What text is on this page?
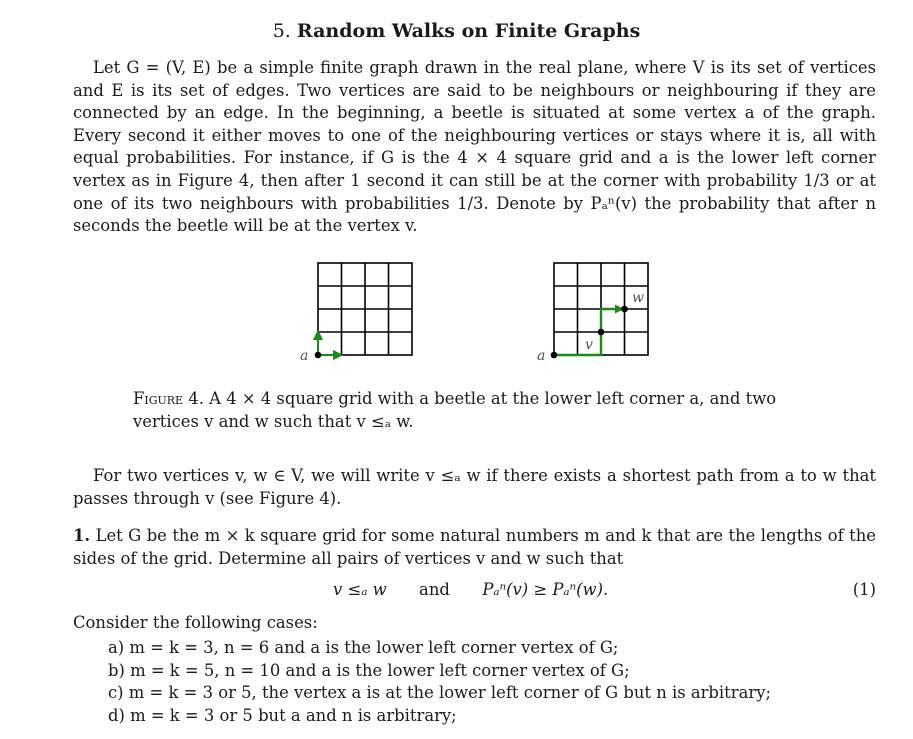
5. Random Walks on Finite Graphs
Let G = (V, E) be a simple finite graph drawn in the real plane, where V is its set of vertices and E is its set of edges. Two vertices are said to be neighbours or neighbouring if they are connected by an edge. In the beginning, a beetle is situated at some vertex a of the graph. Every second it either moves to one of the neighbouring vertices or stays where it is, all with equal probabilities. For instance, if G is the 4 × 4 square grid and a is the lower left corner vertex as in Figure 4, then after 1 second it can still be at the corner with probability 1/3 or at one of its two neighbours with probabilities 1/3. Denote by Pₐⁿ(v) the probability that after n seconds the beetle will be at the vertex v.
a	a
v
w
Figure 4. A 4 × 4 square grid with a beetle at the lower left corner a, and two
vertices v and w such that v ≤ₐ w.
For two vertices v, w ∈ V, we will write v ≤ₐ w if there exists a shortest path from a to w that passes through v (see Figure 4).
1. Let G be the m × k square grid for some natural numbers m and k that are the lengths of the sides of the grid. Determine all pairs of vertices v and w such that
v ≤ₐ w and Pₐⁿ(v) ≥ Pₐⁿ(w).	(1)
Consider the following cases:
a) m = k = 3, n = 6 and a is the lower left corner vertex of G;
b) m = k = 5, n = 10 and a is the lower left corner vertex of G;
c) m = k = 3 or 5, the vertex a is at the lower left corner of G but n is arbitrary;
d) m = k = 3 or 5 but a and n is arbitrary;
